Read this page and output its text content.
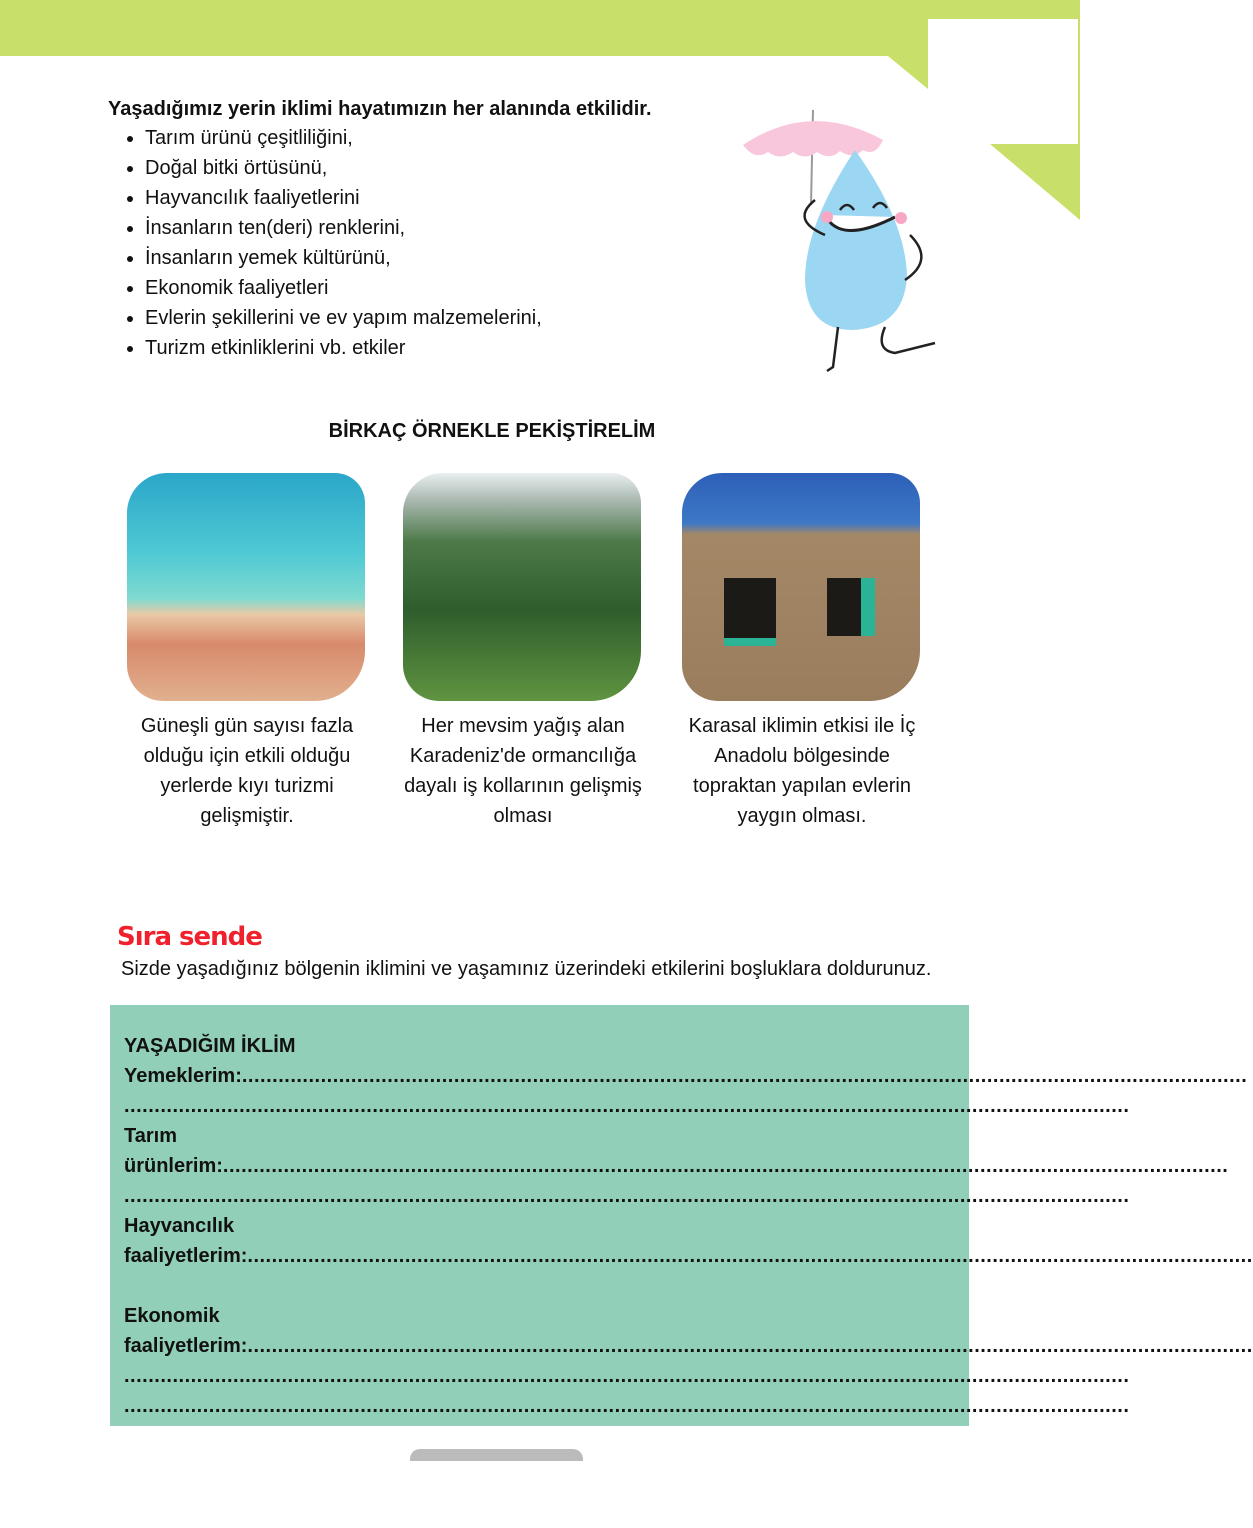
Yaşadığımız yerin iklimi hayatımızın her alanında etkilidir.
• Tarım ürünü çeşitliliğini,
• Doğal bitki örtüsünü,
• Hayvancılık faaliyetlerini
• İnsanların ten(deri) renklerini,
• İnsanların yemek kültürünü,
• Ekonomik faaliyetleri
• Evlerin şekillerini ve ev yapım malzemelerini,
• Turizm etkinliklerini vb. etkiler
BİRKAÇ ÖRNEKLE PEKİŞTİRELİM
Güneşli gün sayısı fazla olduğu için etkili olduğu yerlerde kıyı turizmi gelişmiştir.
Her mevsim yağış alan Karadeniz'de ormancılığa dayalı iş kollarının gelişmiş olması
Karasal iklimin etkisi ile İç Anadolu bölgesinde topraktan yapılan evlerin yaygın olması.
Sıra sende
Sizde yaşadığınız bölgenin iklimini ve yaşamınız üzerindeki etkilerini boşluklara doldurunuz.
YAŞADIĞIM İKLİM
Yemeklerim:......................................................................................................................................................................
......................................................................................................................................................................
Tarım
ürünlerim:......................................................................................................................................................................
......................................................................................................................................................................
Hayvancılık
faaliyetlerim:......................................................................................................................................................................
Ekonomik
faaliyetlerim:......................................................................................................................................................................
......................................................................................................................................................................
......................................................................................................................................................................
